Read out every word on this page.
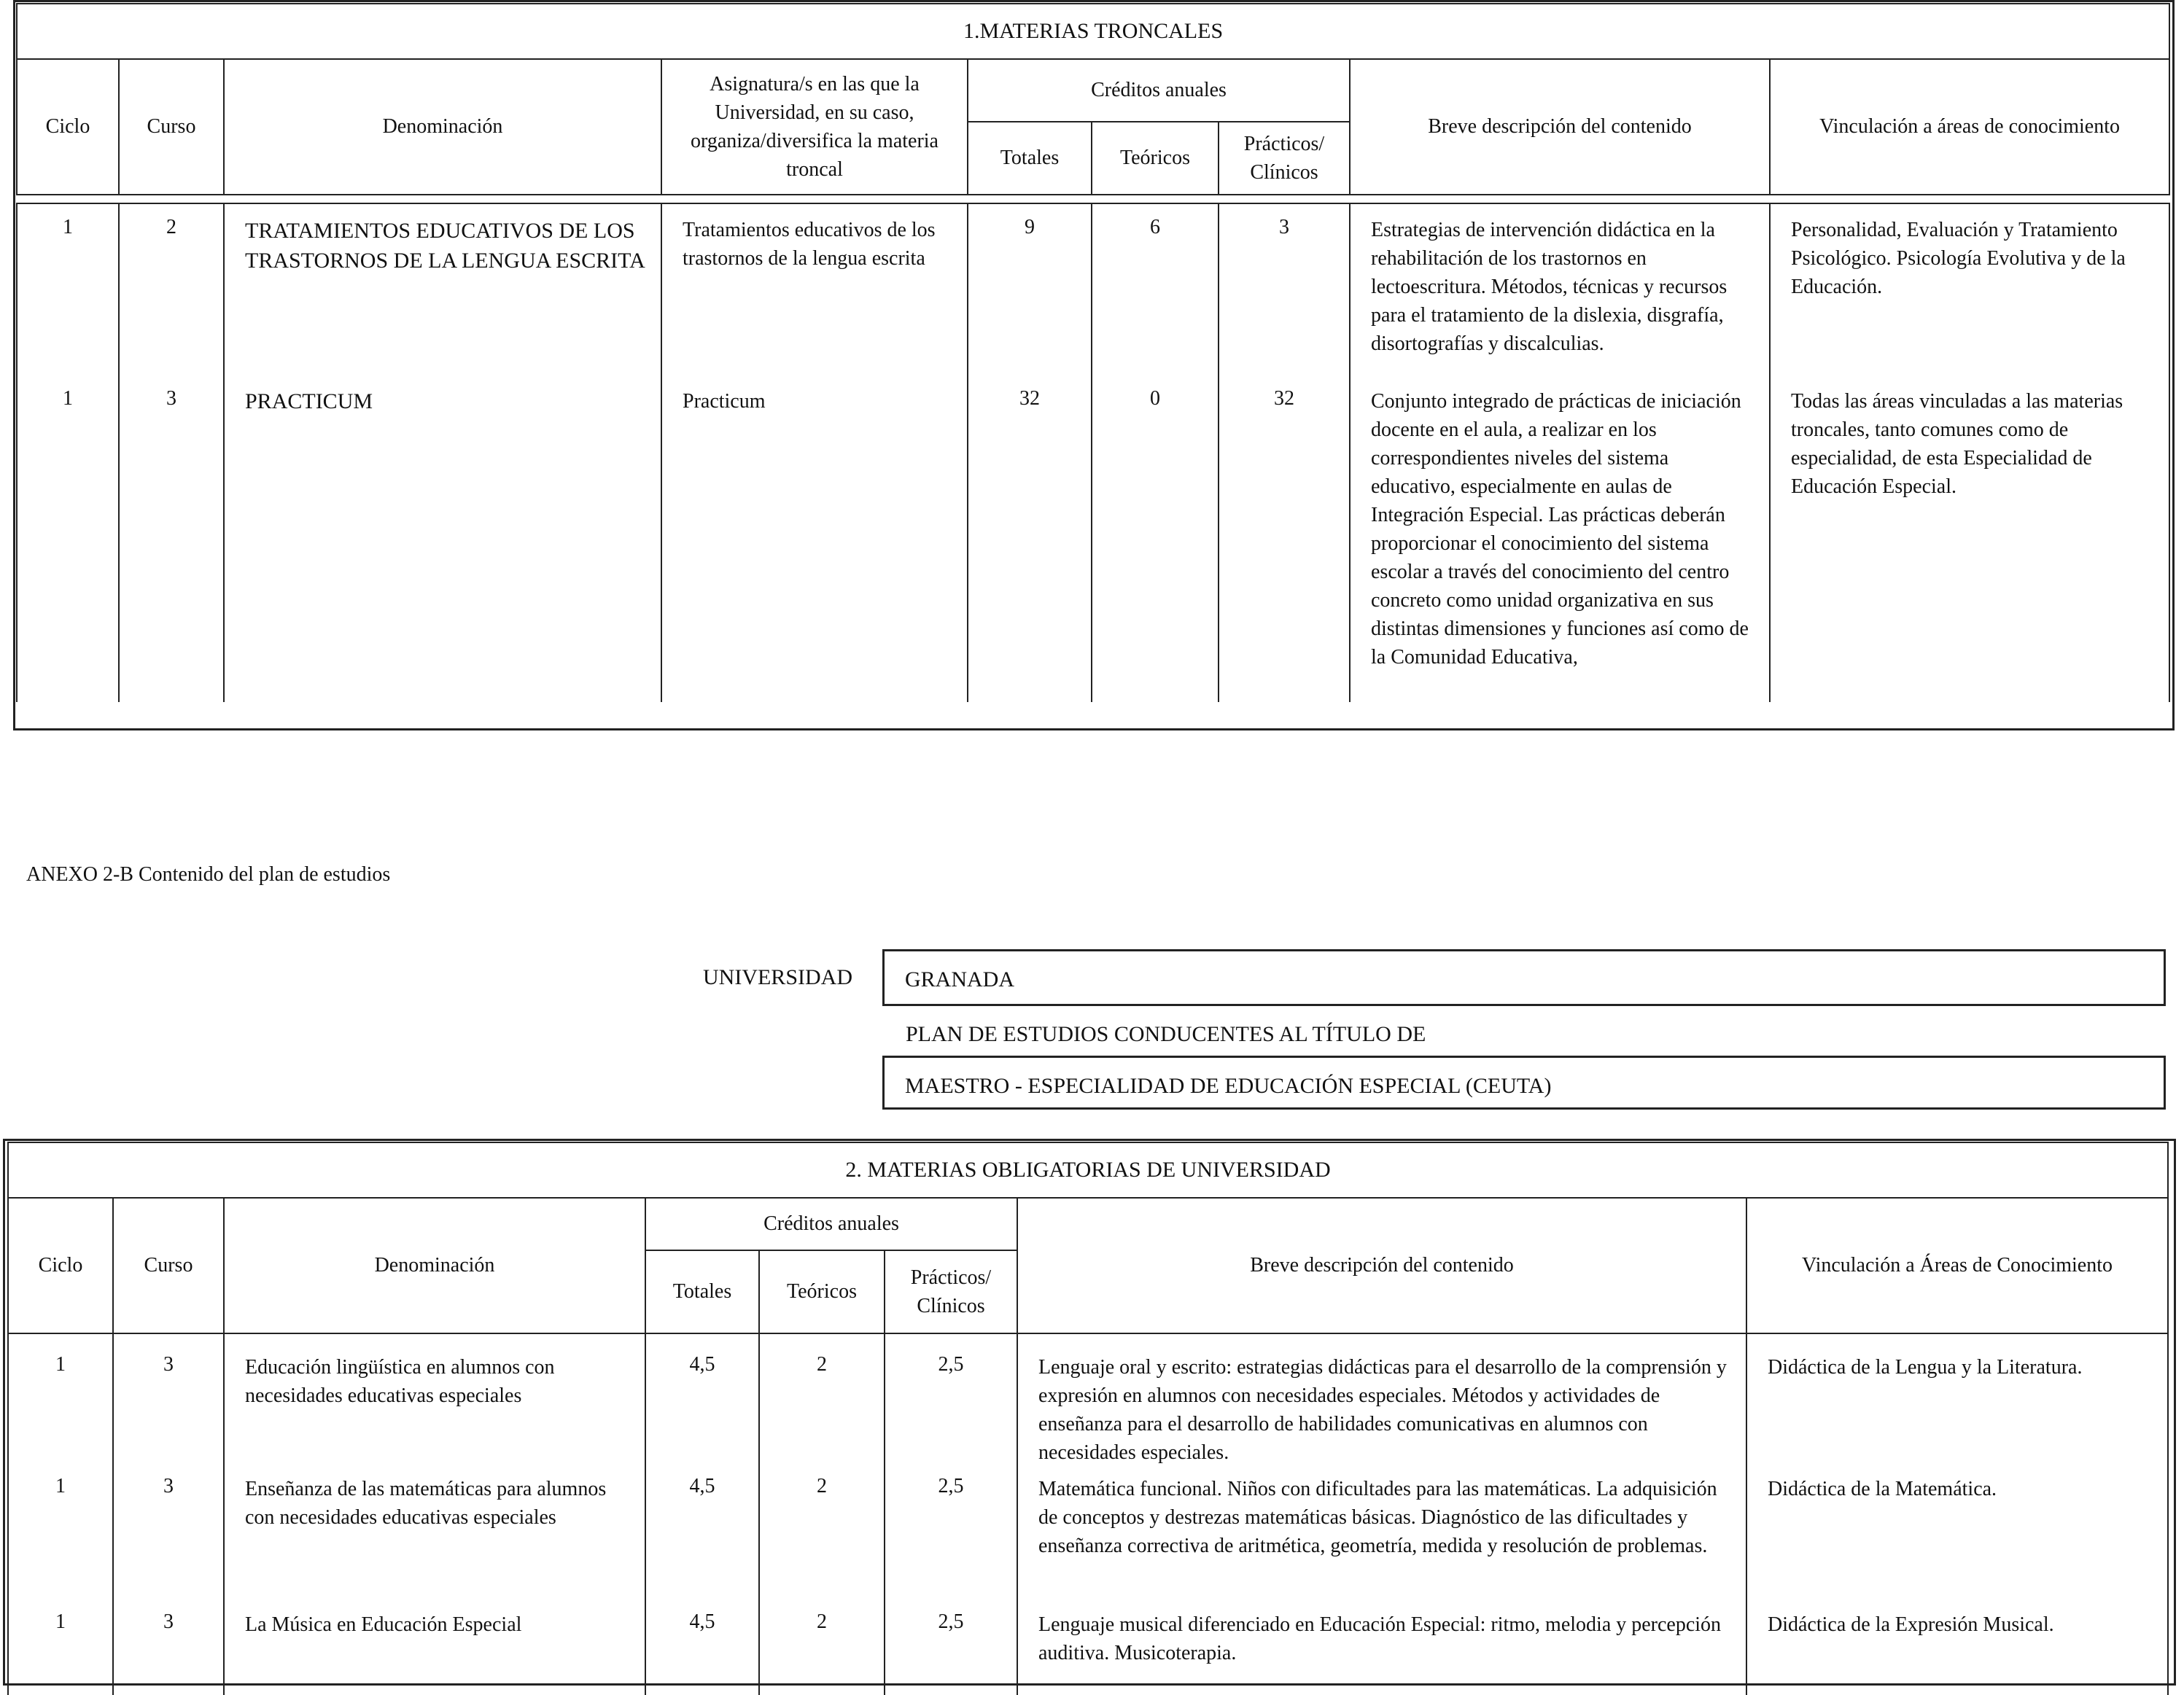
1.MATERIAS TRONCALES								
Ciclo	Curso	Denominación	Asignatura/s en las que la Universidad, en su caso, organiza/diversifica la materia troncal	Créditos anuales			Breve descripción del contenido	Vinculación a áreas de conocimiento
				Totales	Teóricos	Prácticos/ Clínicos		

1	2	TRATAMIENTOS EDUCATIVOS DE LOS TRASTORNOS DE LA LENGUA ESCRITA	Tratamientos educativos de los trastornos de la lengua escrita	9	6	3	Estrategias de intervención didáctica en la rehabilitación de los trastornos en lectoescritura. Métodos, técnicas y recursos para el tratamiento de la dislexia, disgrafía, disortografías y discalculias.	Personalidad, Evaluación y Tratamiento Psicológico. Psicología Evolutiva y de la Educación.
1	3	PRACTICUM	Practicum	32	0	32	Conjunto integrado de prácticas de iniciación docente en el aula, a realizar en los correspondientes niveles del sistema educativo, especialmente en aulas de Integración Especial. Las prácticas deberán proporcionar el conocimiento del sistema escolar a través del conocimiento del centro concreto como unidad organizativa en sus distintas dimensiones y funciones así como de la Comunidad Educativa,	Todas las áreas vinculadas a las materias troncales, tanto comunes como de especialidad, de esta Especialidad de Educación Especial.
ANEXO 2-B Contenido del plan de estudios
UNIVERSIDAD GRANADA
PLAN DE ESTUDIOS CONDUCENTES AL TÍTULO DE
MAESTRO - ESPECIALIDAD DE EDUCACIÓN ESPECIAL (CEUTA)
2. MATERIAS OBLIGATORIAS DE UNIVERSIDAD							
Ciclo	Curso	Denominación	Créditos anuales			Breve descripción del contenido	Vinculación a Áreas de Conocimiento
			Totales	Teóricos	Prácticos/ Clínicos		
1	3	Educación lingüística en alumnos con necesidades educativas especiales	4,5	2	2,5	Lenguaje oral y escrito: estrategias didácticas para el desarrollo de la comprensión y expresión en alumnos con necesidades especiales. Métodos y actividades de enseñanza para el desarrollo de habilidades comunicativas en alumnos con necesidades especiales.	Didáctica de la Lengua y la Literatura.
1	3	Enseñanza de las matemáticas para alumnos con necesidades educativas especiales	4,5	2	2,5	Matemática funcional. Niños con dificultades para las matemáticas. La adquisición de conceptos y destrezas matemáticas básicas. Diagnóstico de las dificultades y enseñanza correctiva de aritmética, geometría, medida y resolución de problemas.	Didáctica de la Matemática.
1	3	La Música en Educación Especial	4,5	2	2,5	Lenguaje musical diferenciado en Educación Especial: ritmo, melodia y percepción auditiva. Musicoterapia.	Didáctica de la Expresión Musical.
